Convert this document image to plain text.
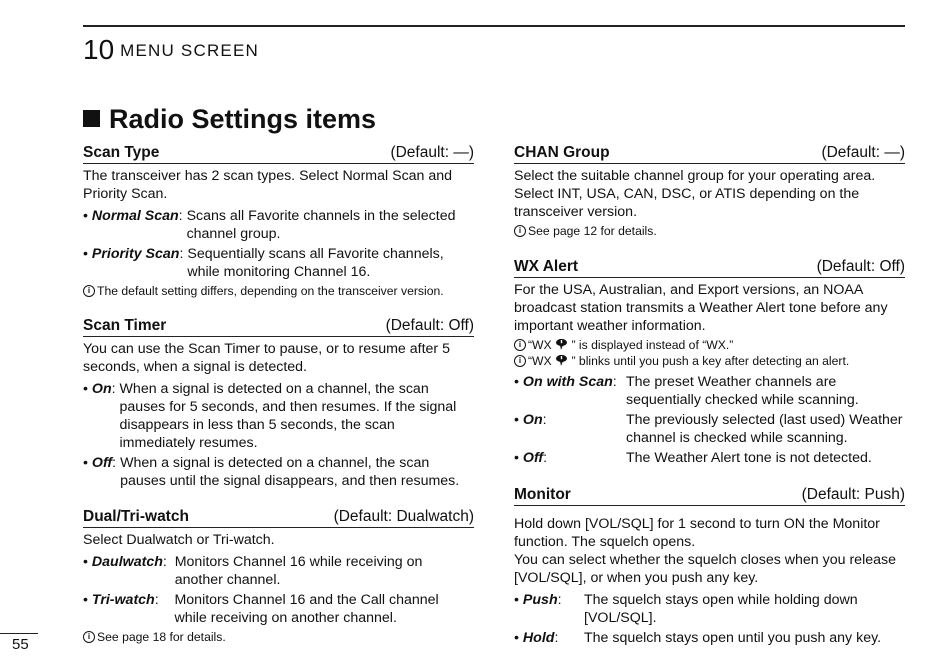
10 MENU SCREEN
Radio Settings items
Scan Type	(Default: —)

The transceiver has 2 scan types. Select Normal Scan and Priority Scan.

• Normal Scan: Scans all Favorite channels in the selected channel group.
• Priority Scan: Sequentially scans all Favorite channels, while monitoring Channel 16.
i The default setting differs, depending on the transceiver version.
Scan Timer	(Default: Off)

You can use the Scan Timer to pause, or to resume after 5 seconds, when a signal is detected.

• On: When a signal is detected on a channel, the scan pauses for 5 seconds, and then resumes. If the signal disappears in less than 5 seconds, the scan immediately resumes.
• Off: When a signal is detected on a channel, the scan pauses until the signal disappears, and then resumes.
Dual/Tri-watch	(Default: Dualwatch)

Select Dualwatch or Tri-watch.

• Daulwatch: Monitors Channel 16 while receiving on another channel.
• Tri-watch:	Monitors Channel 16 and the Call channel while receiving on another channel.
i See page 18 for details.
CHAN Group	(Default: —)

Select the suitable channel group for your operating area. Select INT, USA, CAN, DSC, or ATIS depending on the transceiver version.

i See page 12 for details.
WX Alert	(Default: Off)

For the USA, Australian, and Export versions, an NOAA broadcast station transmits a Weather Alert tone before any important weather information.

i “WX ” is displayed instead of “WX.”
i “WX ” blinks until you push a key after detecting an alert.
• On with Scan: The preset Weather channels are sequentially checked while scanning.
• On:	The previously selected (last used) Weather channel is checked while scanning.
• Off:	The Weather Alert tone is not detected.
Monitor	(Default: Push)

Hold down [VOL/SQL] for 1 second to turn ON the Monitor function. The squelch opens.

You can select whether the squelch closes when you release [VOL/SQL], or when you push any key.

• Push:	The squelch stays open while holding down [VOL/SQL].
• Hold:	The squelch stays open until you push any key.
55
